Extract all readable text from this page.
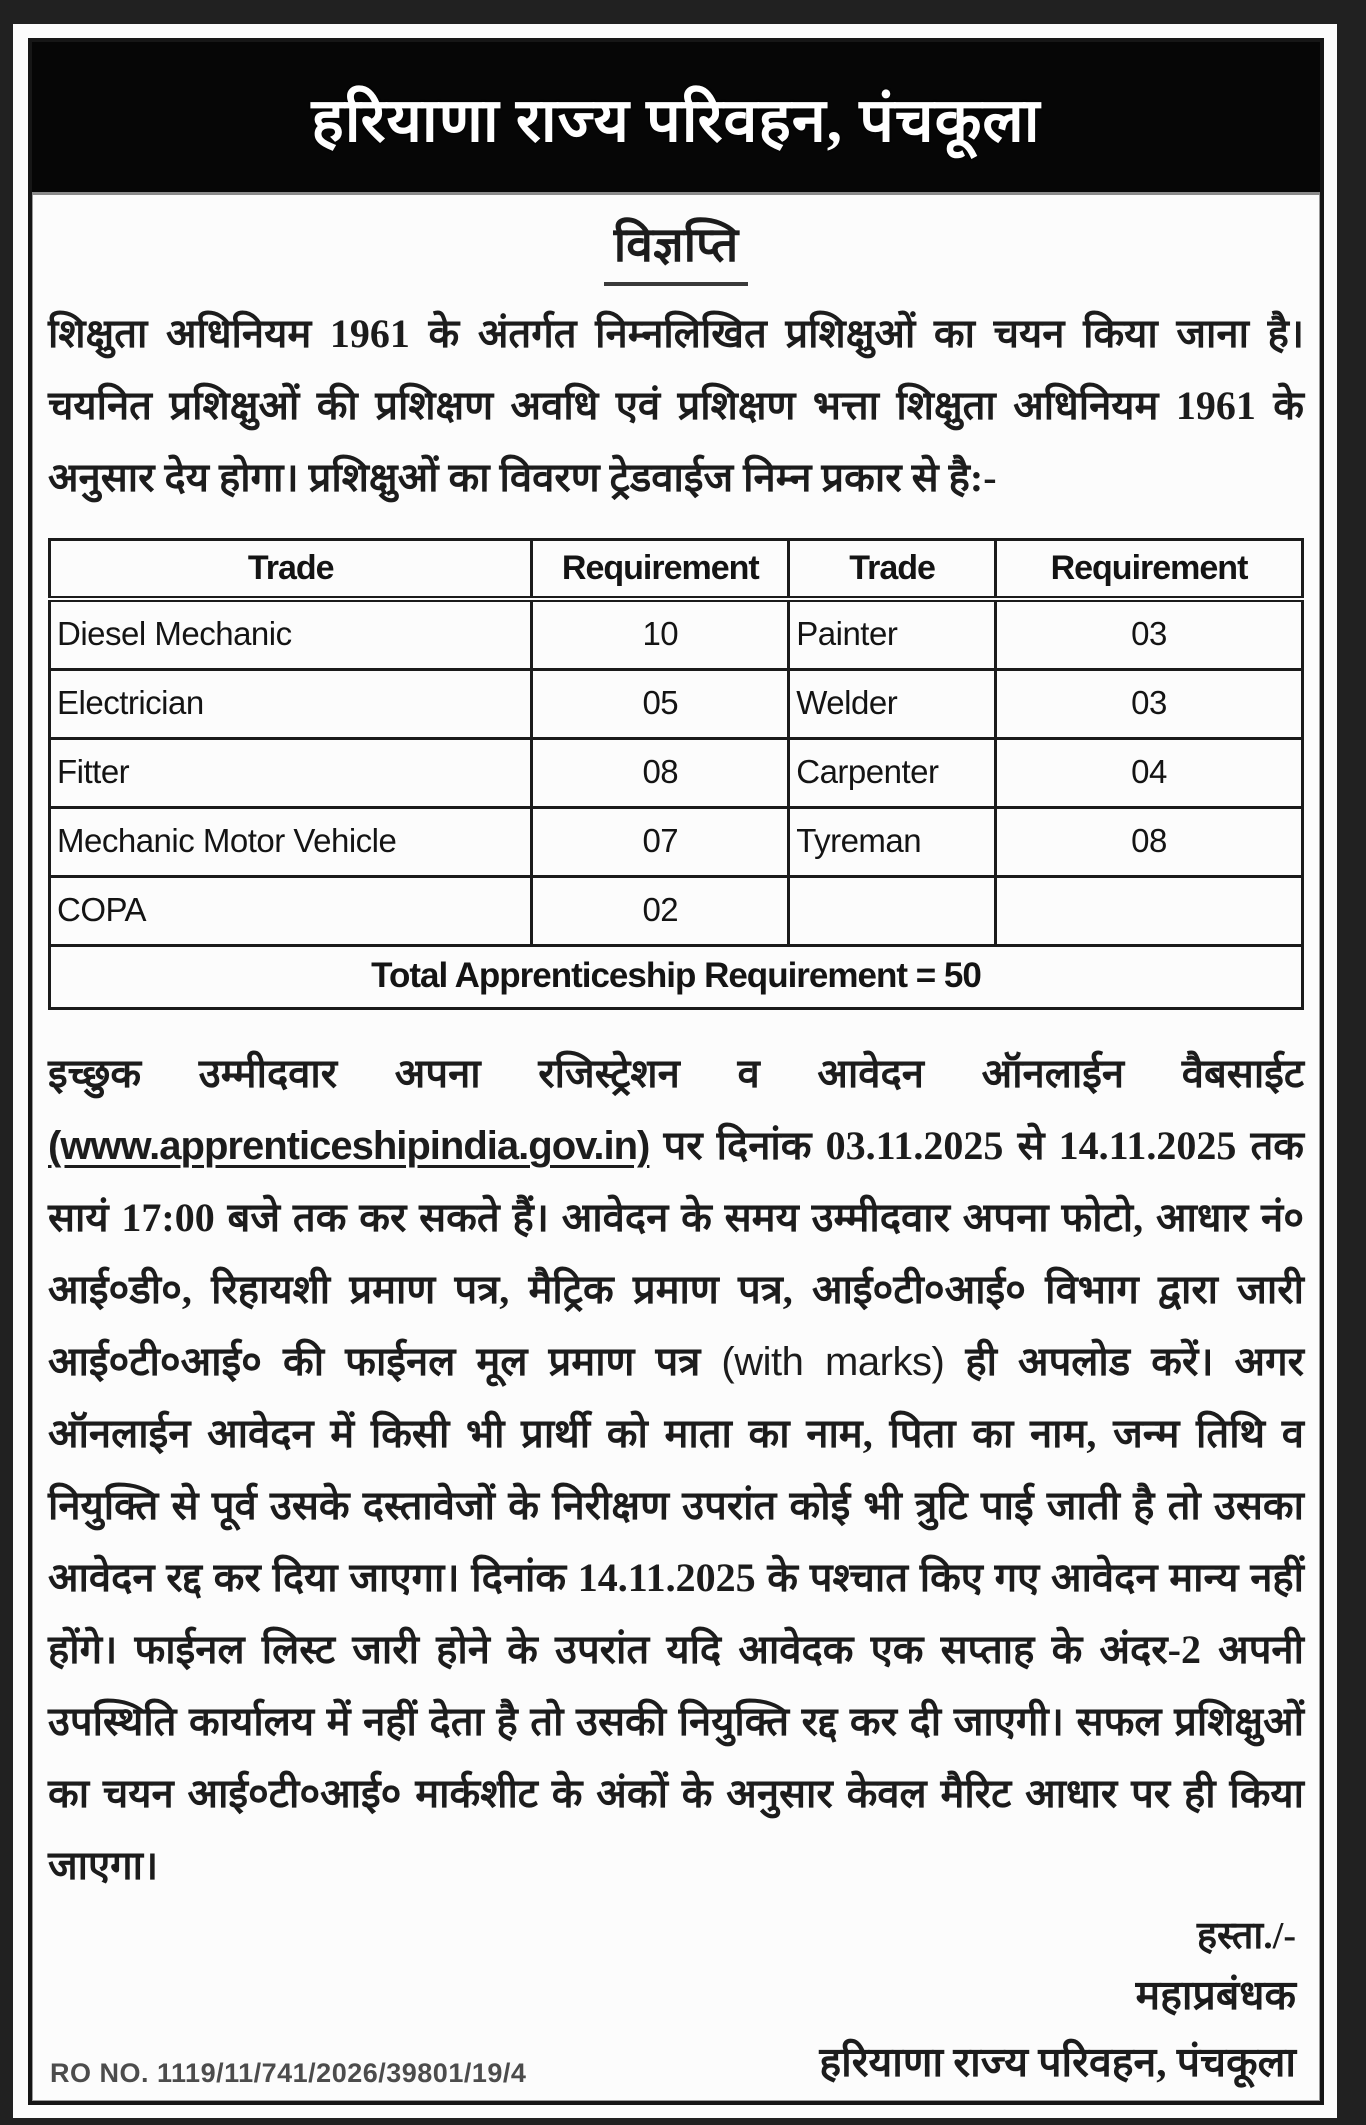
हरियाणा राज्य परिवहन, पंचकूला
विज्ञप्ति

शिक्षुता अधिनियम 1961 के अंतर्गत निम्नलिखित प्रशिक्षुओं का चयन किया जाना है। चयनित प्रशिक्षुओं की प्रशिक्षण अवधि एवं प्रशिक्षण भत्ता शिक्षुता अधिनियम 1961 के अनुसार देय होगा। प्रशिक्षुओं का विवरण ट्रेडवाईज निम्न प्रकार से है:-

Trade	Requirement	Trade	Requirement
Diesel Mechanic	10	Painter	03
Electrician	05	Welder	03
Fitter	08	Carpenter	04
Mechanic Motor Vehicle	07	Tyreman	08
COPA	02		
Total Apprenticeship Requirement = 50			

इच्छुक उम्मीदवार अपना रजिस्ट्रेशन व आवेदन ऑनलाईन वैबसाईट (www.apprenticeshipindia.gov.in) पर दिनांक 03.11.2025 से 14.11.2025 तक सायं 17:00 बजे तक कर सकते हैं। आवेदन के समय उम्मीदवार अपना फोटो, आधार नं० आई०डी०, रिहायशी प्रमाण पत्र, मैट्रिक प्रमाण पत्र, आई०टी०आई० विभाग द्वारा जारी आई०टी०आई० की फाईनल मूल प्रमाण पत्र (with marks) ही अपलोड करें। अगर ऑनलाईन आवेदन में किसी भी प्रार्थी को माता का नाम, पिता का नाम, जन्म तिथि व नियुक्ति से पूर्व उसके दस्तावेजों के निरीक्षण उपरांत कोई भी त्रुटि पाई जाती है तो उसका आवेदन रद्द कर दिया जाएगा। दिनांक 14.11.2025 के पश्चात किए गए आवेदन मान्य नहीं होंगे। फाईनल लिस्ट जारी होने के उपरांत यदि आवेदक एक सप्ताह के अंदर-2 अपनी उपस्थिति कार्यालय में नहीं देता है तो उसकी नियुक्ति रद्द कर दी जाएगी। सफल प्रशिक्षुओं का चयन आई०टी०आई० मार्कशीट के अंकों के अनुसार केवल मैरिट आधार पर ही किया जाएगा।

हस्ता./-
महाप्रबंधक
RO NO. 1119/11/741/2026/39801/19/4	हरियाणा राज्य परिवहन, पंचकूला
